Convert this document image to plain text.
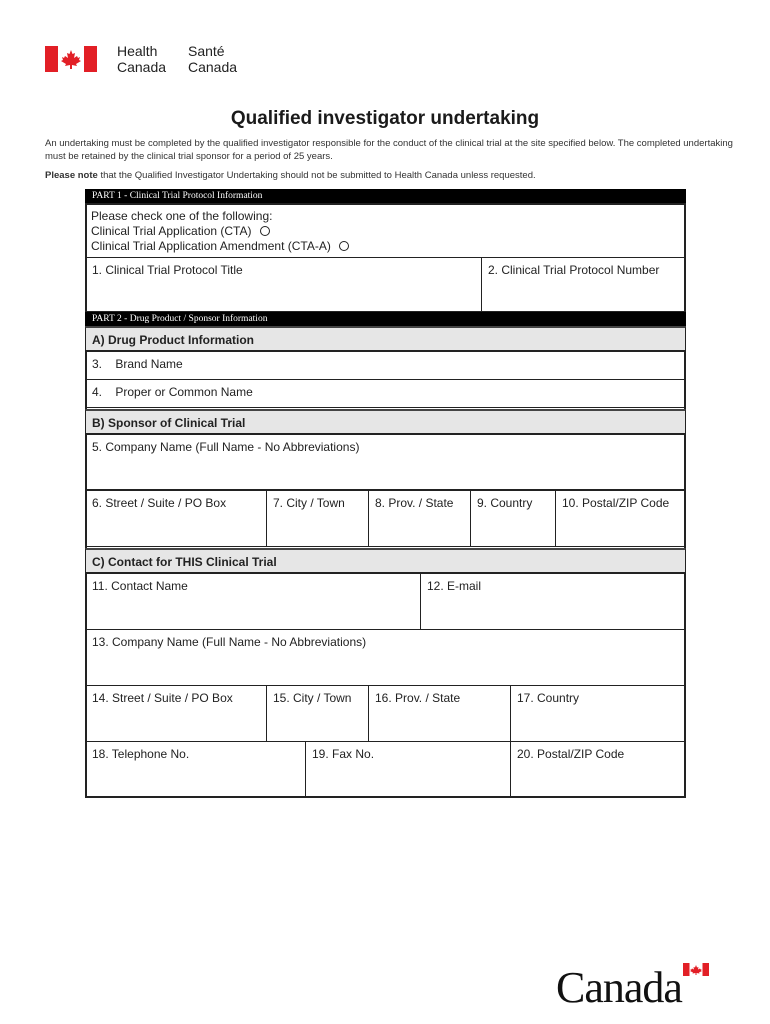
Health
Canada
Santé
Canada
Qualified investigator undertaking
An undertaking must be completed by the qualified investigator responsible for the conduct of the clinical trial at the site specified below. The completed undertaking must be retained by the clinical trial sponsor for a period of 25 years.
Please note that the Qualified Investigator Undertaking should not be submitted to Health Canada unless requested.
PART 1 - Clinical Trial Protocol Information
Please check one of the following:
Clinical Trial Application (CTA)
Clinical Trial Application Amendment (CTA-A)
1. Clinical Trial Protocol Title	2. Clinical Trial Protocol Number
PART 2 - Drug Product / Sponsor Information
A) Drug Product Information
3. Brand Name
4. Proper or Common Name
B) Sponsor of Clinical Trial
5. Company Name (Full Name - No Abbreviations)
6. Street / Suite / PO Box	7. City / Town	8. Prov. / State	9. Country	10. Postal/ZIP Code
C) Contact for THIS Clinical Trial
11. Contact Name	12. E-mail
13. Company Name (Full Name - No Abbreviations)
14. Street / Suite / PO Box	15. City / Town	16. Prov. / State	17. Country
18. Telephone No.	19. Fax No.	20. Postal/ZIP Code
Canada
